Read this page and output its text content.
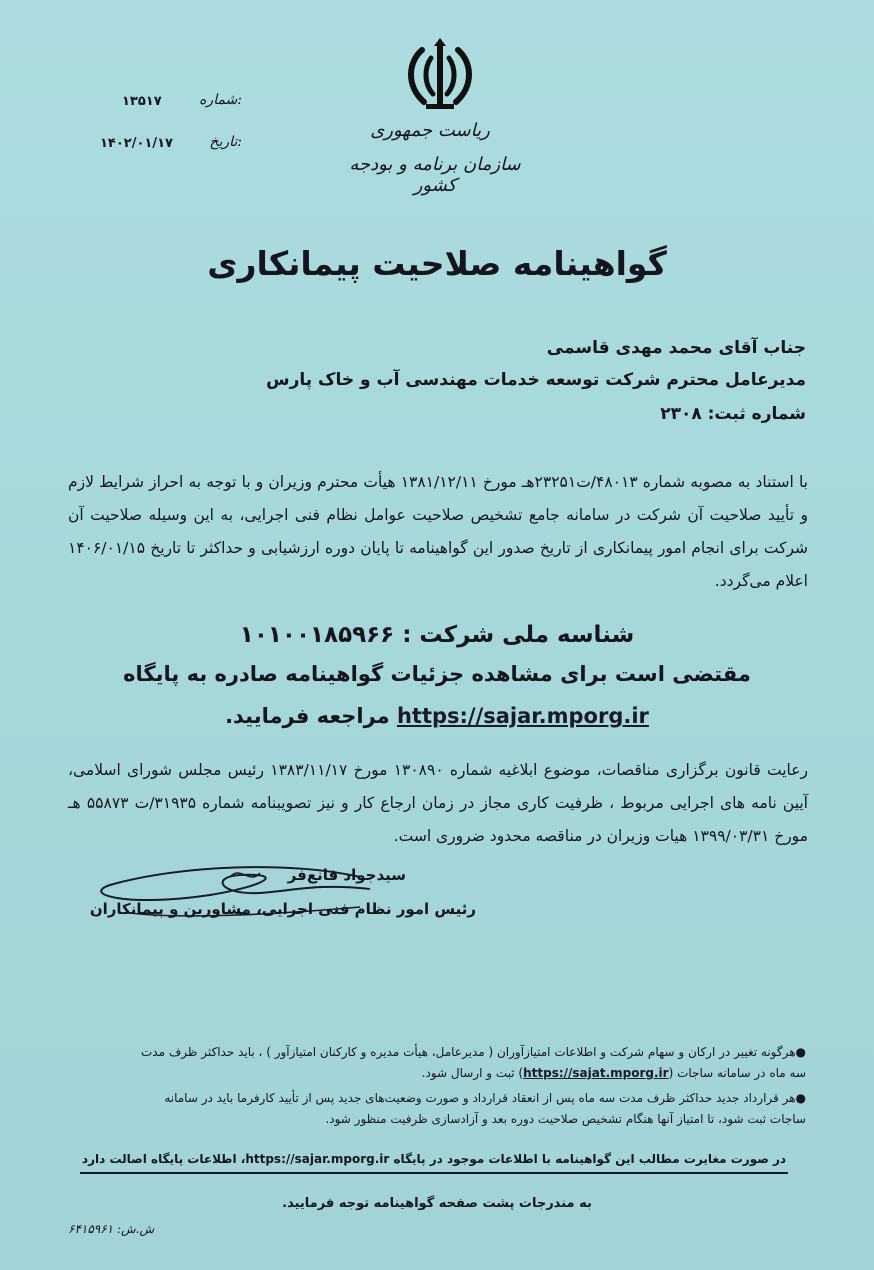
ریاست جمهوری
سازمان برنامه و بودجه کشور
۱۳۵۱۷	شماره:
۱۴۰۲/۰۱/۱۷	تاریخ:
گواهینامه صلاحیت پیمانکاری
جناب آقای محمد مهدی قاسمی
مدیرعامل محترم شرکت توسعه خدمات مهندسی آب و خاک پارس
شماره ثبت: ۲۳۰۸
با استناد به مصوبه شماره ۴۸۰۱۳/ت۲۳۲۵۱هـ مورخ ۱۳۸۱/۱۲/۱۱ هیأت محترم وزیران و با توجه به احراز شرایط لازم و تأیید صلاحیت آن شرکت در سامانه جامع تشخیص صلاحیت عوامل نظام فنی اجرایی، به این وسیله صلاحیت آن شرکت برای انجام امور پیمانکاری از تاریخ صدور این گواهینامه تا پایان دوره ارزشیابی و حداکثر تا تاریخ ۱۴۰۶/۰۱/۱۵ اعلام می‌گردد.
شناسه ملی شرکت : ۱۰۱۰۰۱۸۵۹۶۶
مقتضی است برای مشاهده جزئیات گواهینامه صادره به پایگاه
https://sajar.mporg.ir مراجعه فرمایید.
رعایت قانون برگزاری مناقصات، موضوع ابلاغیه شماره ۱۳۰۸۹۰ مورخ ۱۳۸۳/۱۱/۱۷ رئیس مجلس شورای اسلامی، آیین نامه های اجرایی مربوط ، ظرفیت کاری مجاز در زمان ارجاع کار و نیز تصویبنامه شماره ۳۱۹۳۵/ت ۵۵۸۷۳ هـ مورخ ۱۳۹۹/۰۳/۳۱ هیات وزیران در مناقصه محدود ضروری است.
سیدجواد قانع‌فر
رئیس امور نظام فنی اجرایی، مشاورین و پیمانکاران
●هرگونه تغییر در ارکان و سهام شرکت و اطلاعات امتیازآوران ( مدیرعامل، هیأت مدیره و کارکنان امتیازآور ) ، باید حداکثر ظرف مدت
سه ماه در سامانه ساجات (https://sajat.mporg.ir) ثبت و ارسال شود.
●هر قرارداد جدید حداکثر ظرف مدت سه ماه پس از انعقاد قرارداد و صورت وضعیت‌های جدید پس از تأیید کارفرما باید در سامانه
ساجات ثبت شود، تا امتیاز آنها هنگام تشخیص صلاحیت دوره بعد و آزادسازی ظرفیت منظور شود.
در صورت مغایرت مطالب این گواهینامه با اطلاعات موجود در پایگاه https://sajar.mporg.ir، اطلاعات پایگاه اصالت دارد
به مندرجات پشت صفحه گواهینامه توجه فرمایید.
ش.ش: ۶۴۱۵۹۶۱
